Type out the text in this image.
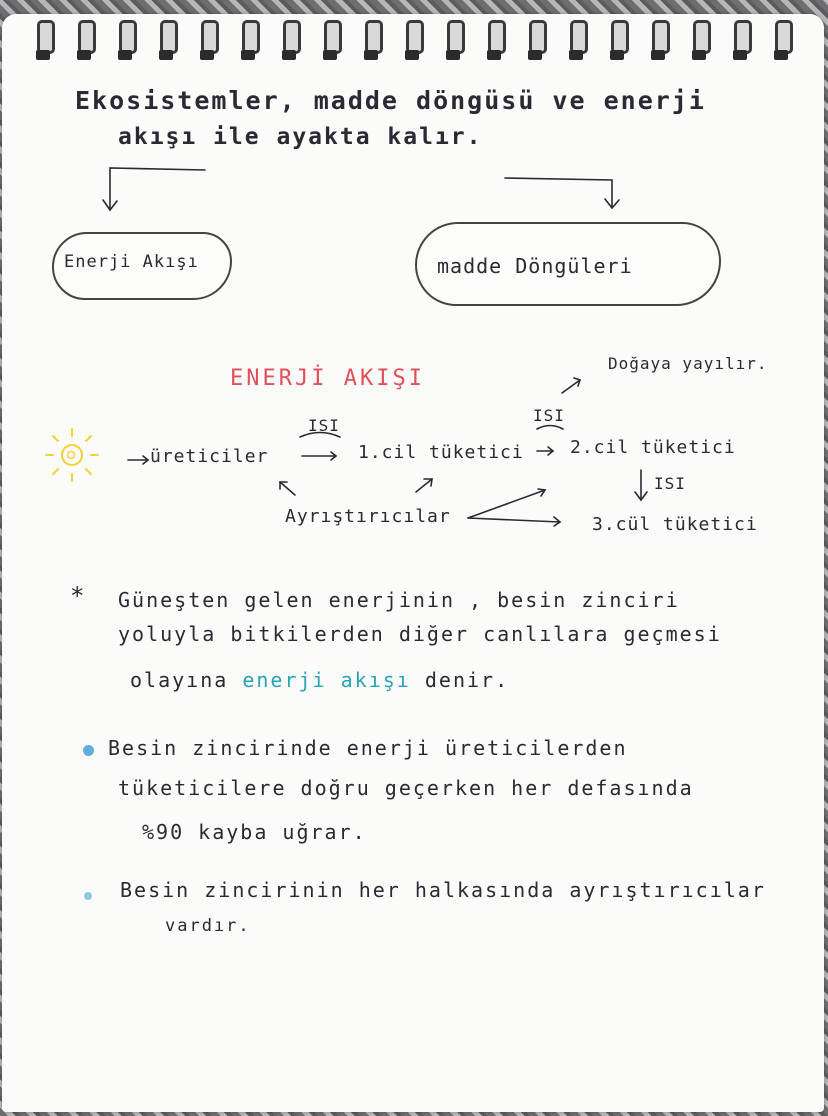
Ekosistemler, madde döngüsü ve enerji
akışı ile ayakta kalır.
Enerji Akışı	madde Döngüleri
ENERJİ AKIŞI
Doğaya yayılır.
ISI
ISI
üreticiler	1.cil tüketici	2.cil tüketici
ISI
Ayrıştırıcılar	3.cül tüketici
* Güneşten gelen enerjinin , besin zinciri
yoluyla bitkilerden diğer canlılara geçmesi
olayına enerji akışı denir.
Besin zincirinde enerji üreticilerden
tüketicilere doğru geçerken her defasında
%90 kayba uğrar.
Besin zincirinin her halkasında ayrıştırıcılar
vardır.
